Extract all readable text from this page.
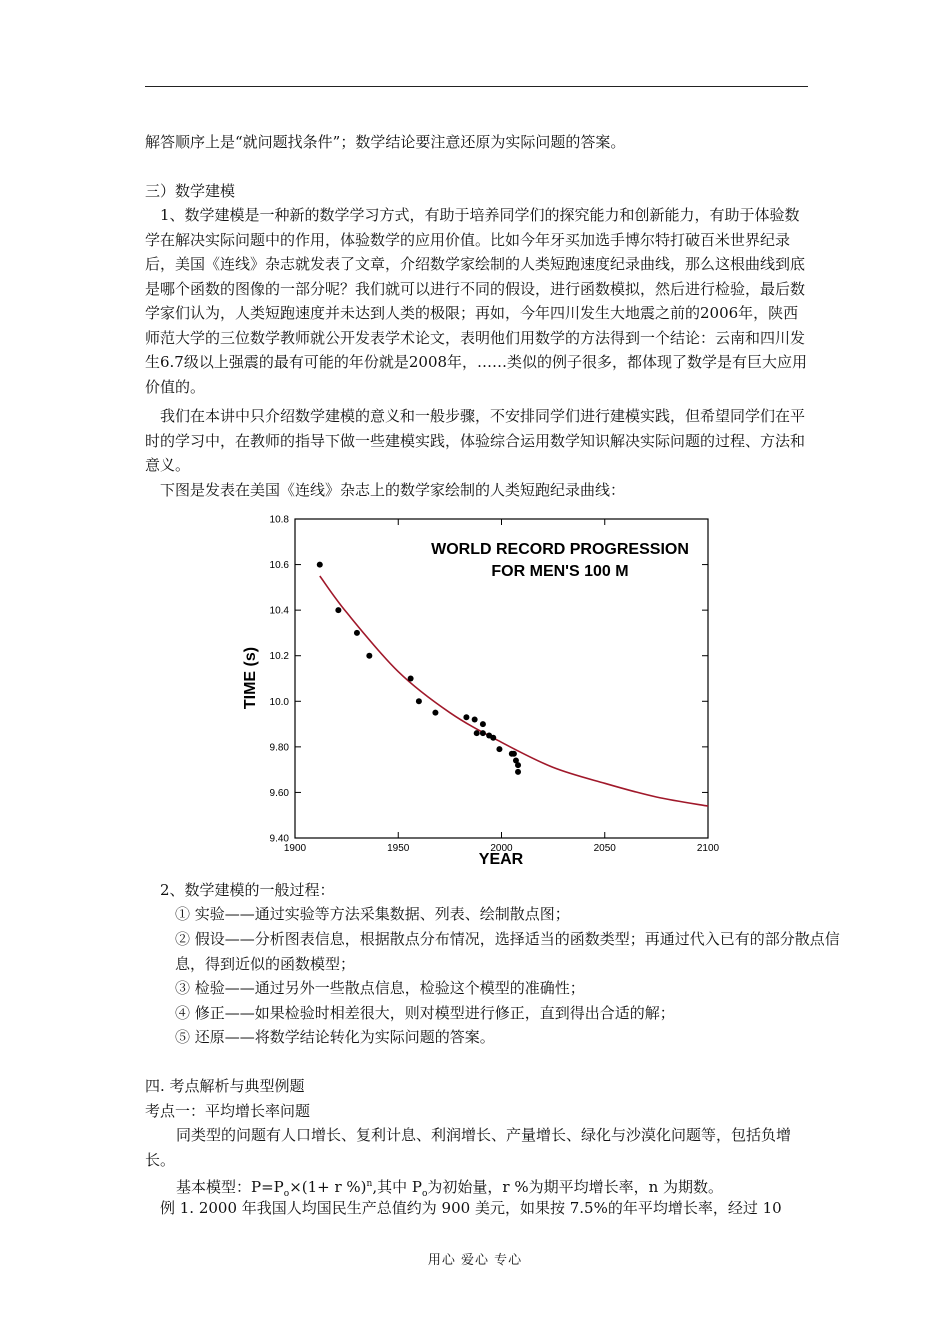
解答顺序上是“就问题找条件”；数学结论要注意还原为实际问题的答案。

三）数学建模

1、数学建模是一种新的数学学习方式，有助于培养同学们的探究能力和创新能力，有助于体验数学在解决实际问题中的作用，体验数学的应用价值。比如今年牙买加选手博尔特打破百米世界纪录后，美国《连线》杂志就发表了文章，介绍数学家绘制的人类短跑速度纪录曲线，那么这根曲线到底是哪个函数的图像的一部分呢？我们就可以进行不同的假设，进行函数模拟，然后进行检验，最后数学家们认为，人类短跑速度并未达到人类的极限；再如，今年四川发生大地震之前的2006年，陕西师范大学的三位数学教师就公开发表学术论文，表明他们用数学的方法得到一个结论：云南和四川发生6.7级以上强震的最有可能的年份就是2008年，……类似的例子很多，都体现了数学是有巨大应用价值的。

我们在本讲中只介绍数学建模的意义和一般步骤，不安排同学们进行建模实践，但希望同学们在平时的学习中，在教师的指导下做一些建模实践，体验综合运用数学知识解决实际问题的过程、方法和意义。

下图是发表在美国《连线》杂志上的数学家绘制的人类短跑纪录曲线：

9.40
9.60
9.80
10.0
10.2
10.4
10.6
10.8
1900	1950	2000	2050	2100
WORLD RECORD PROGRESSION
FOR MEN'S 100 M
YEAR
TIME (s)

2、数学建模的一般过程：

① 实验——通过实验等方法采集数据、列表、绘制散点图；

② 假设——分析图表信息，根据散点分布情况，选择适当的函数类型；再通过代入已有的部分散点信息，得到近似的函数模型；

③ 检验——通过另外一些散点信息，检验这个模型的准确性；

④ 修正——如果检验时相差很大，则对模型进行修正，直到得出合适的解；

⑤ 还原——将数学结论转化为实际问题的答案。

四. 考点解析与典型例题

考点一：平均增长率问题

同类型的问题有人口增长、复利计息、利润增长、产量增长、绿化与沙漠化问题等，包括负增长。

基本模型：$P=P_o\times(1+ r$ %)$^n$,其中 $P_o$为初始量，r %为期平均增长率，n 为期数。

例 1. 2000 年我国人均国民生产总值约为 900 美元，如果按 7.5%的年平均增长率，经过 10

用心 爱心 专心
